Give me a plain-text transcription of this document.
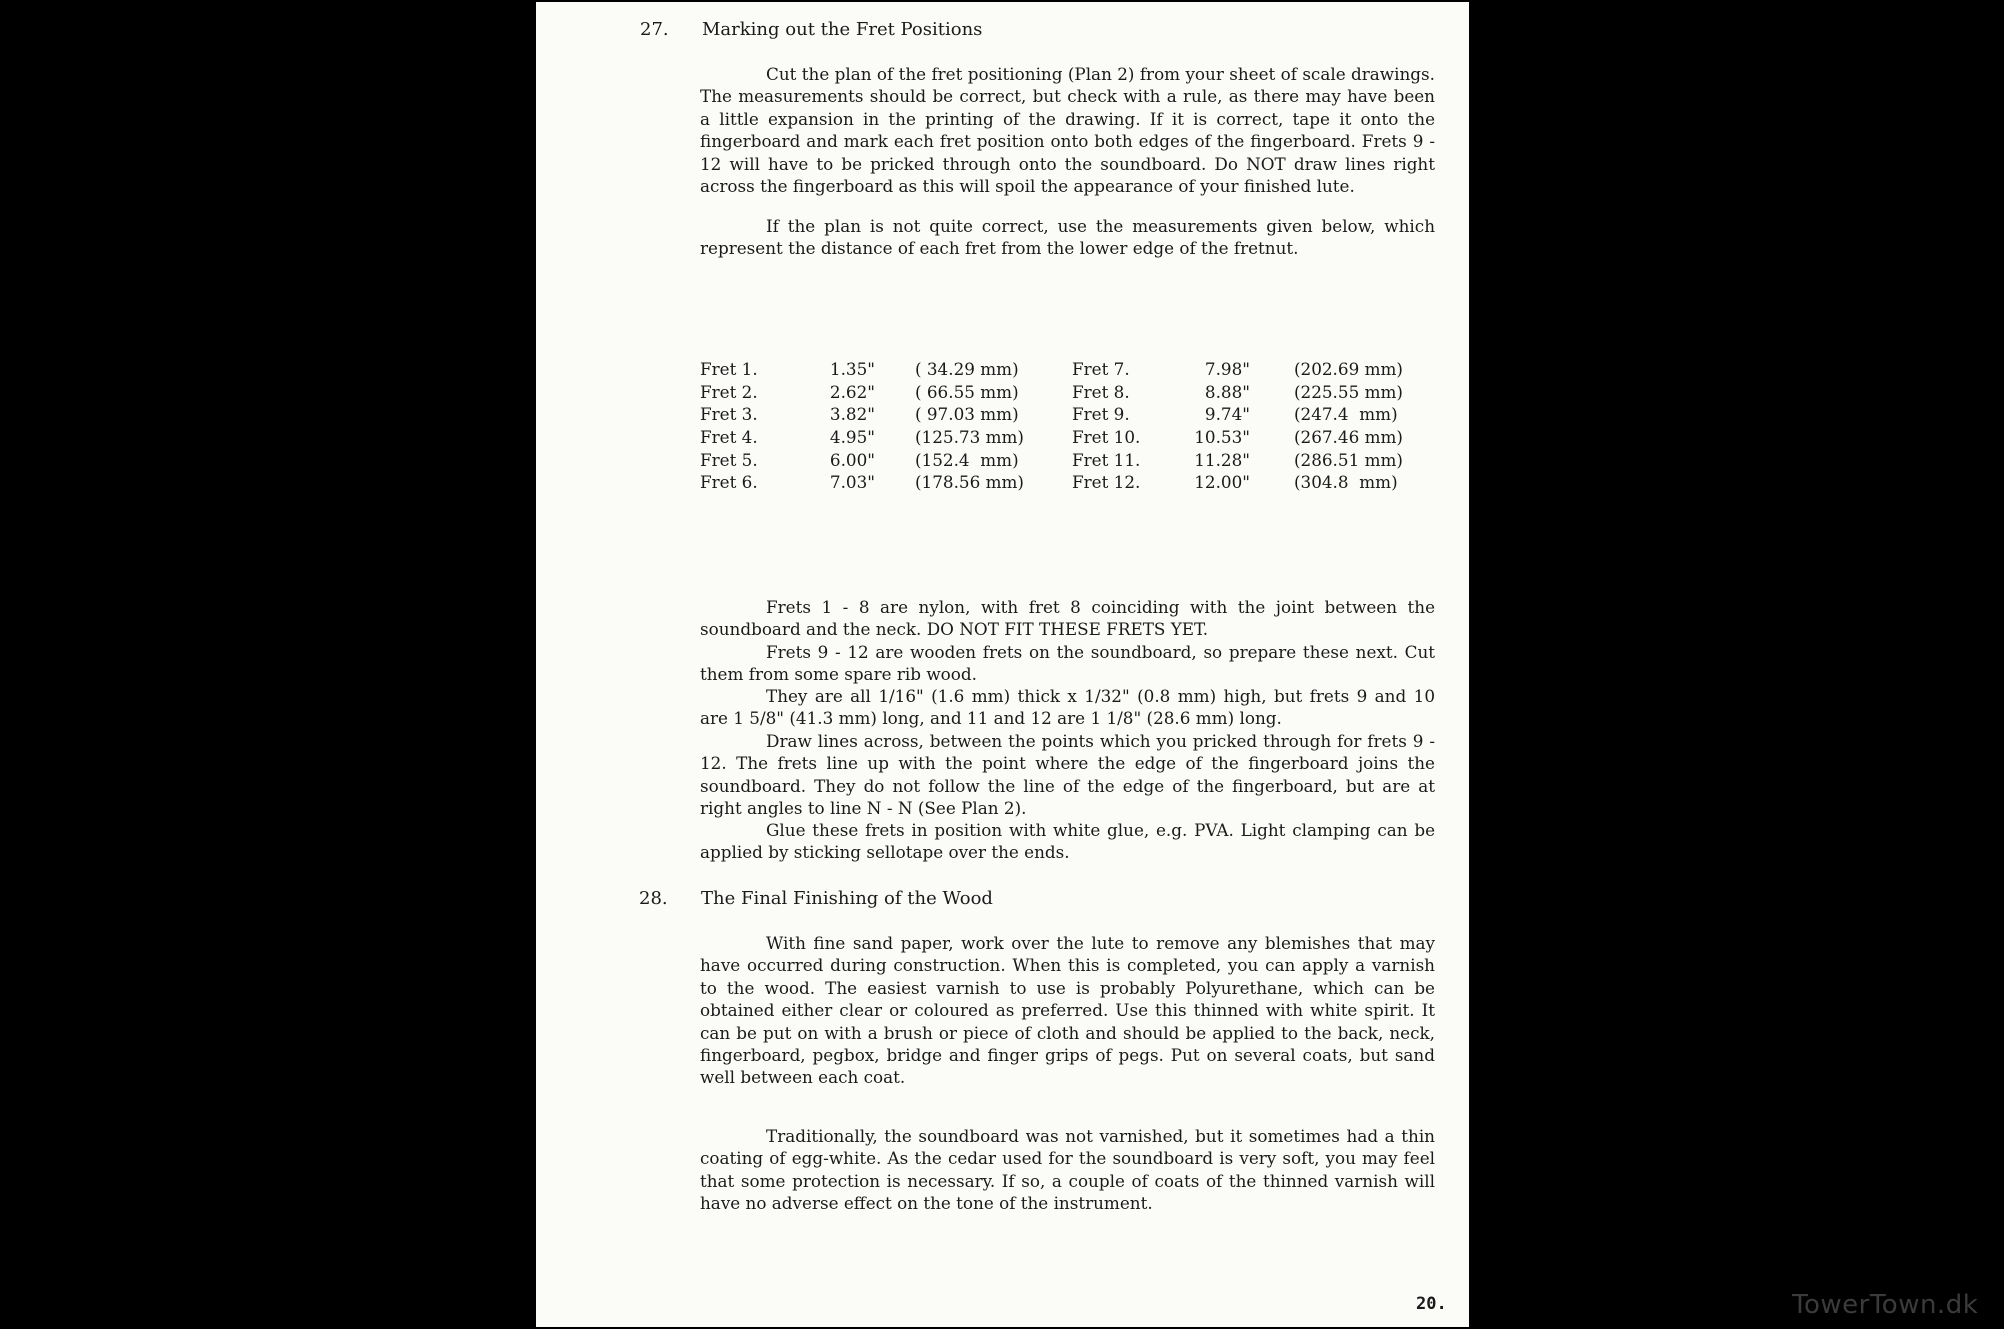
27. Marking out the Fret Positions

Cut the plan of the fret positioning (Plan 2) from your sheet of scale drawings. The measurements should be correct, but check with a rule, as there may have been a little expansion in the printing of the drawing. If it is correct, tape it onto the fingerboard and mark each fret position onto both edges of the fingerboard. Frets 9 - 12 will have to be pricked through onto the soundboard. Do NOT draw lines right across the fingerboard as this will spoil the appearance of your finished lute.

If the plan is not quite correct, use the measurements given below, which represent the distance of each fret from the lower edge of the fretnut.

Fret 1.	1.35"	( 34.29 mm)	Fret 7.	7.98"	(202.69 mm)
Fret 2.	2.62"	( 66.55 mm)	Fret 8.	8.88"	(225.55 mm)
Fret 3.	3.82"	( 97.03 mm)	Fret 9.	9.74"	(247.4  mm)
Fret 4.	4.95"	(125.73 mm)	Fret 10.	10.53"	(267.46 mm)
Fret 5.	6.00"	(152.4  mm)	Fret 11.	11.28"	(286.51 mm)
Fret 6.	7.03"	(178.56 mm)	Fret 12.	12.00"	(304.8  mm)

Frets 1 - 8 are nylon, with fret 8 coinciding with the joint between the soundboard and the neck. DO NOT FIT THESE FRETS YET.

Frets 9 - 12 are wooden frets on the soundboard, so prepare these next. Cut them from some spare rib wood.

They are all 1/16" (1.6 mm) thick x 1/32" (0.8 mm) high, but frets 9 and 10 are 1 5/8" (41.3 mm) long, and 11 and 12 are 1 1/8" (28.6 mm) long.

Draw lines across, between the points which you pricked through for frets 9 - 12. The frets line up with the point where the edge of the fingerboard joins the soundboard. They do not follow the line of the edge of the fingerboard, but are at right angles to line N - N (See Plan 2).

Glue these frets in position with white glue, e.g. PVA. Light clamping can be applied by sticking sellotape over the ends.

28. The Final Finishing of the Wood

With fine sand paper, work over the lute to remove any blemishes that may have occurred during construction. When this is completed, you can apply a varnish to the wood. The easiest varnish to use is probably Polyurethane, which can be obtained either clear or coloured as preferred. Use this thinned with white spirit. It can be put on with a brush or piece of cloth and should be applied to the back, neck, fingerboard, pegbox, bridge and finger grips of pegs. Put on several coats, but sand well between each coat.

Traditionally, the soundboard was not varnished, but it sometimes had a thin coating of egg-white. As the cedar used for the soundboard is very soft, you may feel that some protection is necessary. If so, a couple of coats of the thinned varnish will have no adverse effect on the tone of the instrument.

20.	TowerTown.dk
